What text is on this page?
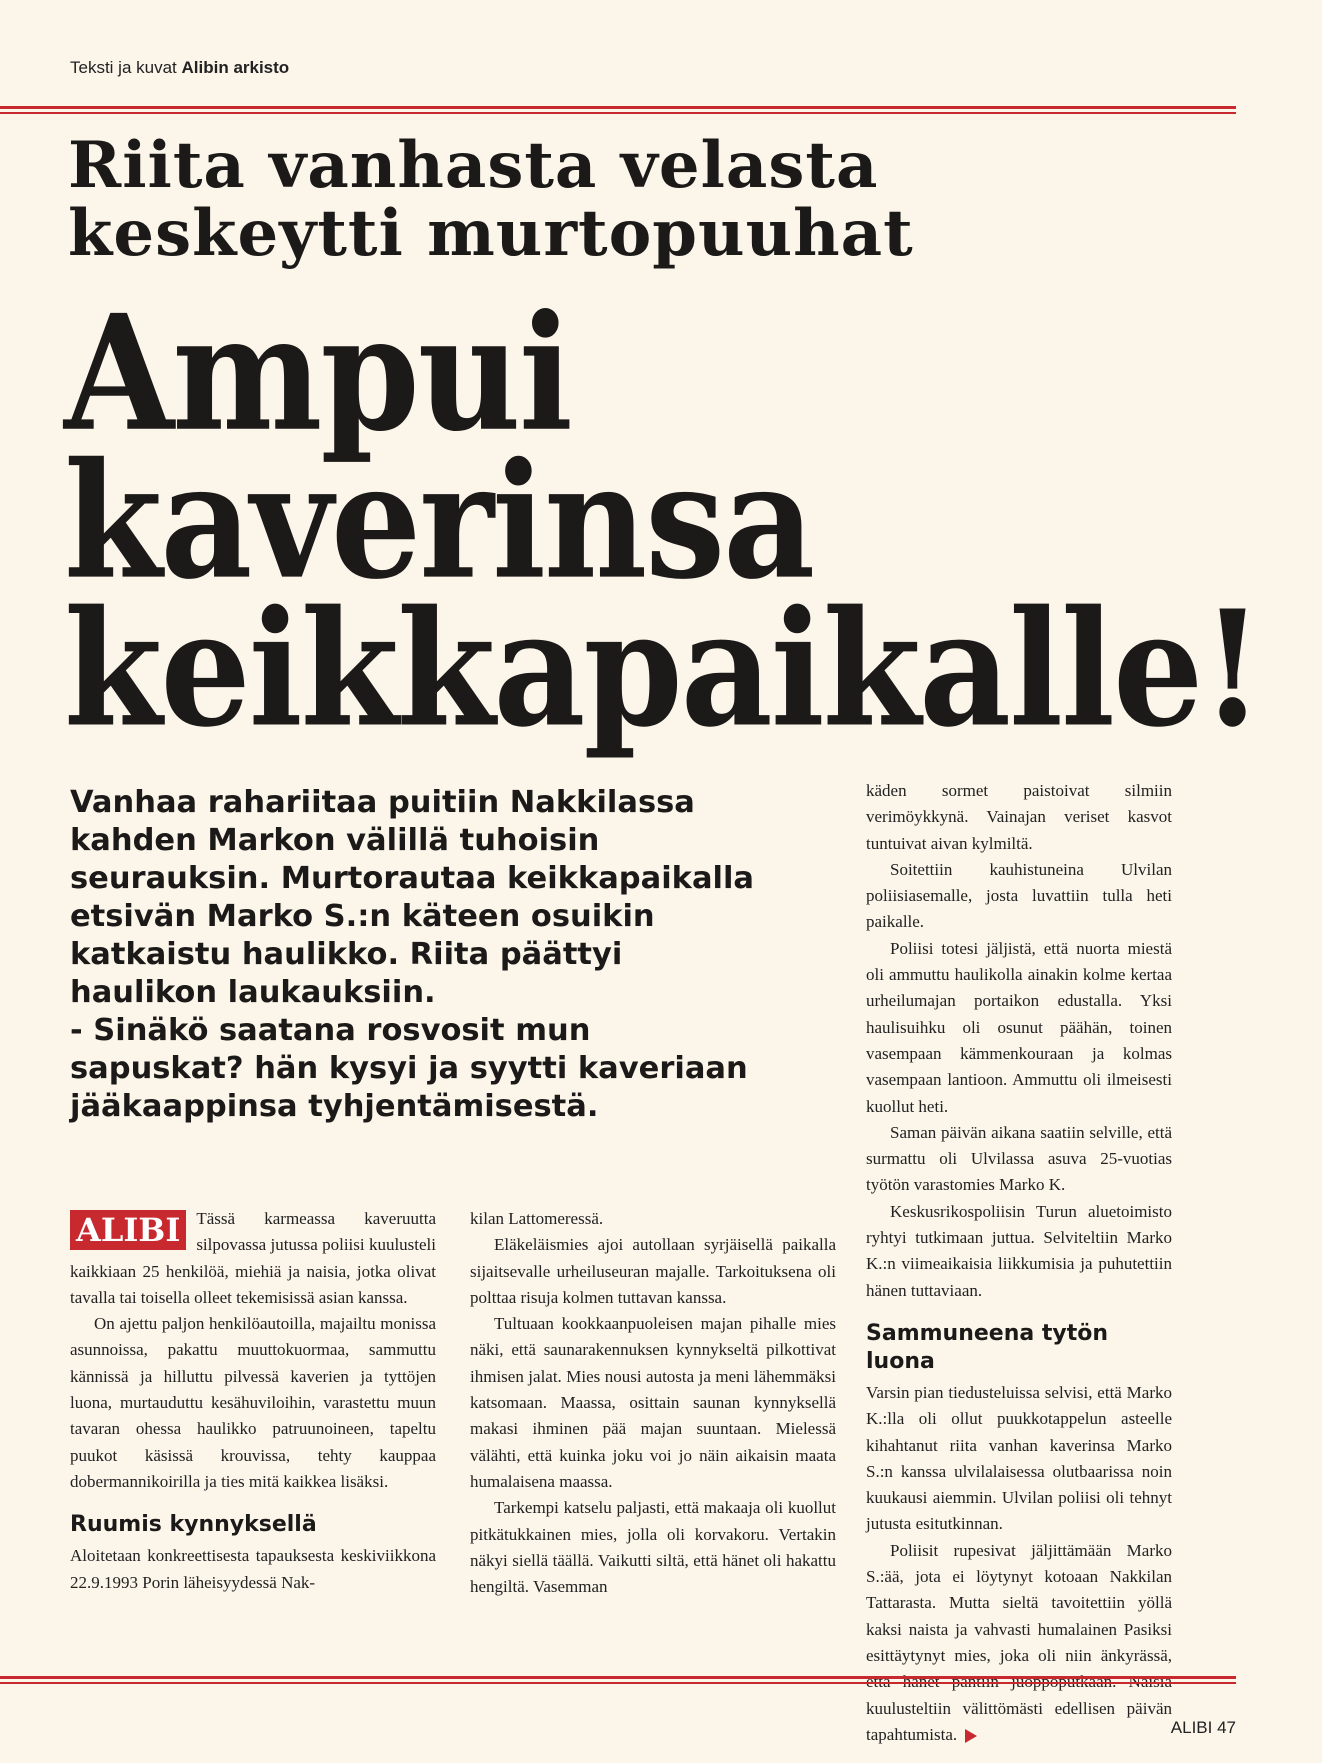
Teksti ja kuvat Alibin arkisto
Riita vanhasta velasta
keskeytti murtopuuhat
Ampui
kaverinsa
keikkapaikalle!
Vanhaa rahariitaa puitiin Nakkilassa
kahden Markon välillä tuhoisin
seurauksin. Murtorautaa keikkapaikalla
etsivän Marko S.:n käteen osuikin
katkaistu haulikko. Riita päättyi
haulikon laukauksiin.
- Sinäkö saatana rosvosit mun
sapuskat? hän kysyi ja syytti kaveriaan
jääkaappinsa tyhjentämisestä.
ALIBI Tässä karmeassa kaveruutta silpovassa jutussa poliisi kuulusteli kaikkiaan 25 henkilöä, miehiä ja naisia, jotka olivat tavalla tai toisella olleet tekemisissä asian kanssa.

On ajettu paljon henkilöautoilla, majailtu monissa asunnoissa, pakattu muuttokuormaa, sammuttu kännissä ja hilluttu pilvessä kaverien ja tyttöjen luona, murtauduttu kesähuviloihin, varastettu muun tavaran ohessa haulikko patruunoineen, tapeltu puukot käsissä krouvissa, tehty kauppaa dobermannikoirilla ja ties mitä kaikkea lisäksi.

Ruumis kynnyksellä

Aloitetaan konkreettisesta tapauksesta keskiviikkona 22.9.1993 Porin läheisyydessä Nak-

kilan Lattomeressä.

Eläkeläismies ajoi autollaan syrjäisellä paikalla sijaitsevalle urheiluseuran majalle. Tarkoituksena oli polttaa risuja kolmen tuttavan kanssa.

Tultuaan kookkaanpuoleisen majan pihalle mies näki, että saunarakennuksen kynnykseltä pilkottivat ihmisen jalat. Mies nousi autosta ja meni lähemmäksi katsomaan. Maassa, osittain saunan kynnyksellä makasi ihminen pää majan suuntaan. Mielessä välähti, että kuinka joku voi jo näin aikaisin maata humalaisena maassa.

Tarkempi katselu paljasti, että makaaja oli kuollut pitkätukkainen mies, jolla oli korvakoru. Vertakin näkyi siellä täällä. Vaikutti siltä, että hänet oli hakattu hengiltä. Vasemman

käden sormet paistoivat silmiin verimöykkynä. Vainajan veriset kasvot tuntuivat aivan kylmiltä.

Soitettiin kauhistuneina Ulvilan poliisiasemalle, josta luvattiin tulla heti paikalle.

Poliisi totesi jäljistä, että nuorta miestä oli ammuttu haulikolla ainakin kolme kertaa urheilumajan portaikon edustalla. Yksi haulisuihku oli osunut päähän, toinen vasempaan kämmenkouraan ja kolmas vasempaan lantioon. Ammuttu oli ilmeisesti kuollut heti.

Saman päivän aikana saatiin selville, että surmattu oli Ulvilassa asuva 25-vuotias työtön varastomies Marko K.

Keskusrikospoliisin Turun aluetoimisto ryhtyi tutkimaan juttua. Selviteltiin Marko K.:n viimeaikaisia liikkumisia ja puhutettiin hänen tuttaviaan.

Sammuneena tytön luona

Varsin pian tiedusteluissa selvisi, että Marko K.:lla oli ollut puukkotappelun asteelle kihahtanut riita vanhan kaverinsa Marko S.:n kanssa ulvilalaisessa olutbaarissa noin kuukausi aiemmin. Ulvilan poliisi oli tehnyt jutusta esitutkinnan.

Poliisit rupesivat jäljittämään Marko S.:ää, jota ei löytynyt kotoaan Nakkilan Tattarasta. Mutta sieltä tavoitettiin yöllä kaksi naista ja vahvasti humalainen Pasiksi esittäytynyt mies, joka oli niin änkyrässä, että hänet pantiin juoppoputkaan. Naisia kuulusteltiin välittömästi edellisen päivän tapahtumista.	ALIBI 47
